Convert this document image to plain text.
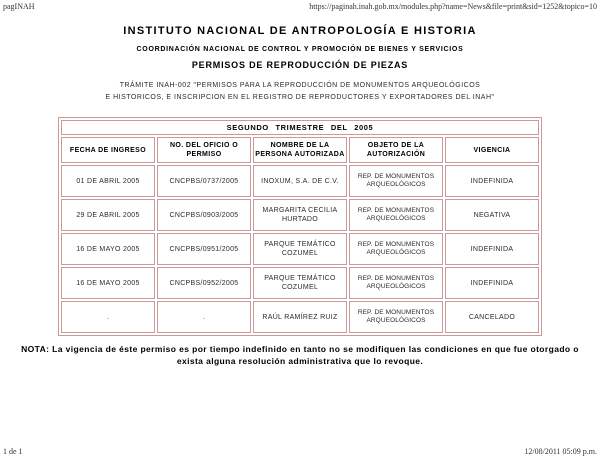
pagINAH	https://paginah.inah.gob.mx/modules.php?name=News&file=print&sid=1252&topico=10
INSTITUTO NACIONAL DE ANTROPOLOGÍA E HISTORIA
COORDINACIÓN NACIONAL DE CONTROL Y PROMOCIÓN DE BIENES Y SERVICIOS
PERMISOS DE REPRODUCCIÓN DE PIEZAS
TRÁMITE INAH-002 "PERMISOS PARA LA REPRODUCCIÓN DE MONUMENTOS ARQUEOLÓGICOS
E HISTORICOS, E INSCRIPCION EN EL REGISTRO DE REPRODUCTORES Y EXPORTADORES DEL INAH"
SEGUNDO TRIMESTRE DEL 2005				
FECHA DE INGRESO	NO. DEL OFICIO O PERMISO	NOMBRE DE LA PERSONA AUTORIZADA	OBJETO DE LA AUTORIZACIÓN	VIGENCIA
01 DE ABRIL 2005	CNCPBS/0737/2005	INOXUM, S.A. DE C.V.	REP. DE MONUMENTOS ARQUEOLÓGICOS	INDEFINIDA
29 DE ABRIL 2005	CNCPBS/0903/2005	MARGARITA CECILIA HURTADO	REP. DE MONUMENTOS ARQUEOLÓGICOS	NEGATIVA
16 DE MAYO 2005	CNCPBS/0951/2005	PARQUE TEMÁTICO COZUMEL	REP. DE MONUMENTOS ARQUEOLÓGICOS	INDEFINIDA
16 DE MAYO 2005	CNCPBS/0952/2005	PARQUE TEMÁTICO COZUMEL	REP. DE MONUMENTOS ARQUEOLÓGICOS	INDEFINIDA
.	.	RAÚL RAMÍREZ RUIZ	REP. DE MONUMENTOS ARQUEOLÓGICOS	CANCELADO
NOTA: La vigencia de éste permiso es por tiempo indefinido en tanto no se modifiquen las condiciones en que fue otorgado o exista alguna resolución administrativa que lo revoque.
1 de 1	12/08/2011 05:09 p.m.
